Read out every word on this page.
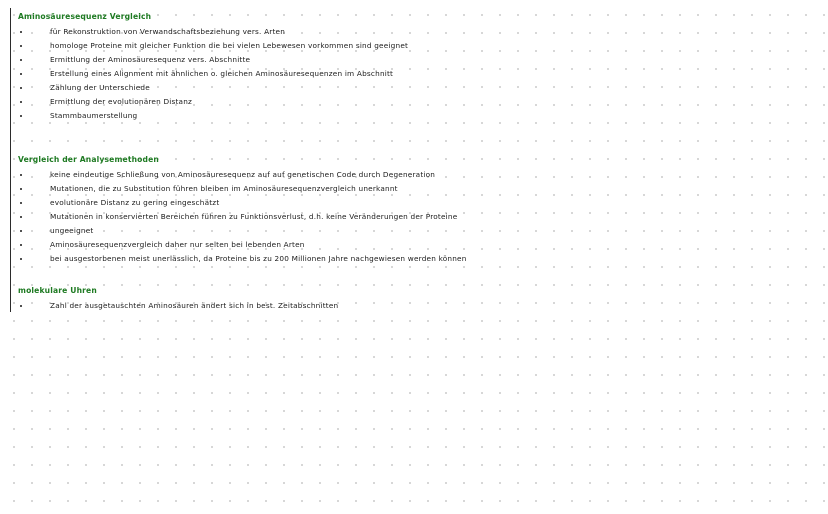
Aminosäuresequenz Vergleich
für Rekonstruktion von Verwandschaftsbeziehung vers. Arten
homologe Proteine mit gleicher Funktion die bei vielen Lebewesen vorkommen sind geeignet
Ermittlung der Aminosäuresequenz vers. Abschnitte
Erstellung eines Alignment mit ähnlichen o. gleichen Aminosäuresequenzen im Abschnitt
Zählung der Unterschiede
Ermittlung der evolutionären Distanz
Stammbaumerstellung
Vergleich der Analysemethoden
keine eindeutige Schließung von Aminosäuresequenz auf auf genetischen Code durch Degeneration
Mutationen, die zu Substitution führen bleiben im Aminosäuresequenzvergleich unerkannt
evolutionäre Distanz zu gering eingeschätzt
Mutationen in konservierten Bereichen führen zu Funktionsverlust, d.h. keine Veränderungen der Proteine
ungeeignet
Aminosäuresequenzvergleich daher nur selten bei lebenden Arten
bei ausgestorbenen meist unerlässlich, da Proteine bis zu 200 Millionen Jahre nachgewiesen werden können
molekulare Uhren
Zahl der ausgetauschten Aminosäuren ändert sich in best. Zeitabschnitten
